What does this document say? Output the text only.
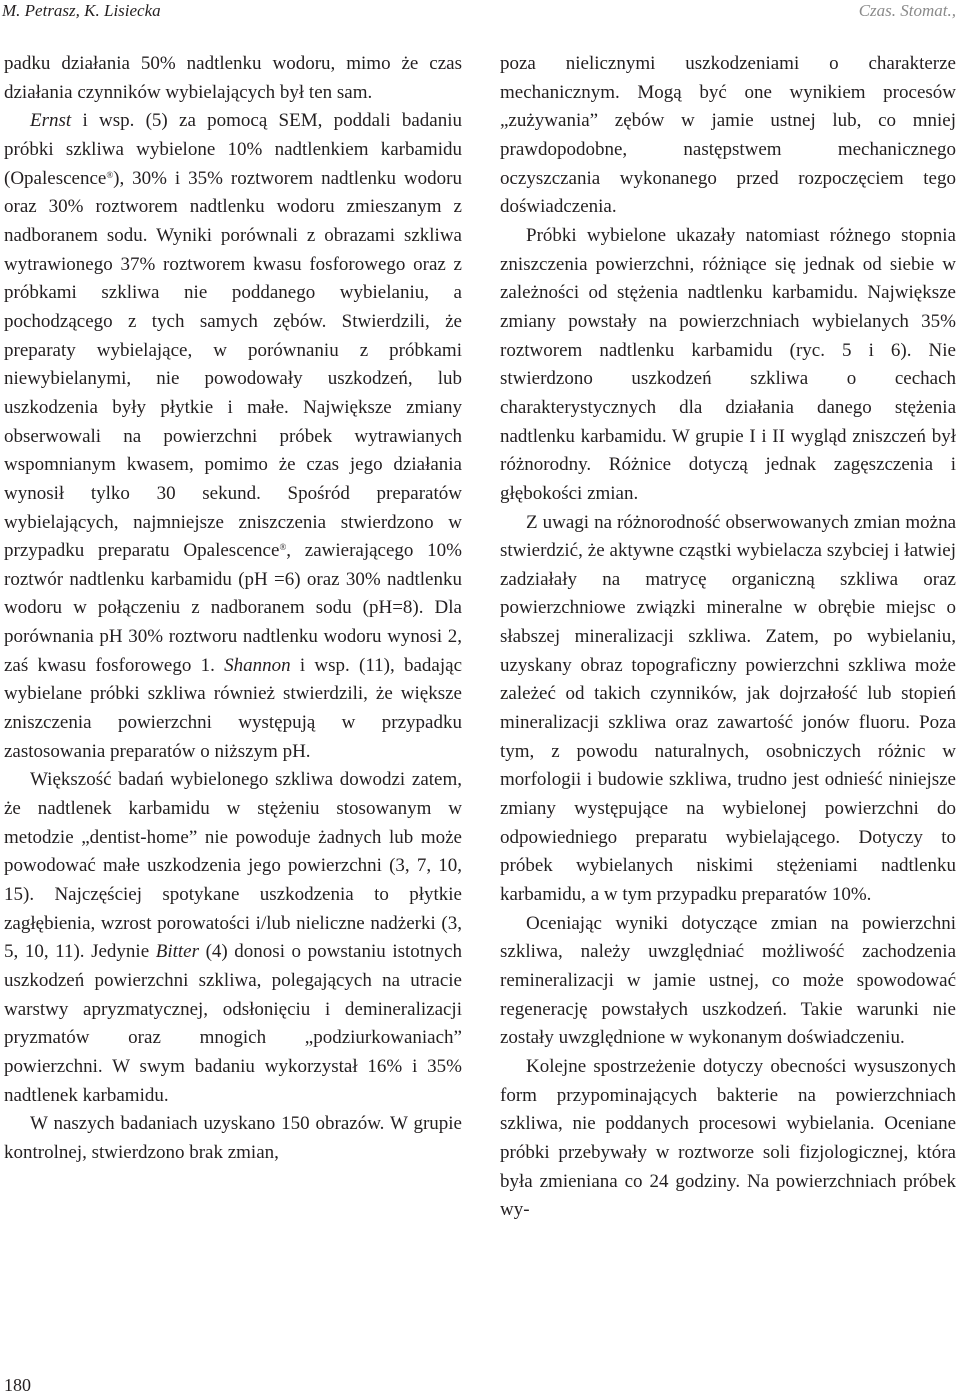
M. Petrasz, K. Lisiecka	Czas. Stomat.,

padku działania 50% nadtlenku wodoru, mimo że czas działania czynników wybielających był ten sam.

Ernst i wsp. (5) za pomocą SEM, poddali badaniu próbki szkliwa wybielone 10% nadtlenkiem karbamidu (Opalescence®), 30% i 35% roztworem nadtlenku wodoru oraz 30% roztworem nadtlenku wodoru zmieszanym z nadboranem sodu. Wyniki porównali z obrazami szkliwa wytrawionego 37% roztworem kwasu fosforowego oraz z próbkami szkliwa nie poddanego wybielaniu, a pochodzącego z tych samych zębów. Stwierdzili, że preparaty wybielające, w porównaniu z próbkami niewybielanymi, nie powodowały uszkodzeń, lub uszkodzenia były płytkie i małe. Największe zmiany obserwowali na powierzchni próbek wytrawianych wspomnianym kwasem, pomimo że czas jego działania wynosił tylko 30 sekund. Spośród preparatów wybielających, najmniejsze zniszczenia stwierdzono w przypadku preparatu Opalescence®, zawierającego 10% roztwór nadtlenku karbamidu (pH =6) oraz 30% nadtlenku wodoru w połączeniu z nadboranem sodu (pH=8). Dla porównania pH 30% roztworu nadtlenku wodoru wynosi 2, zaś kwasu fosforowego 1. Shannon i wsp. (11), badając wybielane próbki szkliwa również stwierdzili, że większe zniszczenia powierzchni występują w przypadku zastosowania preparatów o niższym pH.

Większość badań wybielonego szkliwa dowodzi zatem, że nadtlenek karbamidu w stężeniu stosowanym w metodzie „dentist-home” nie powoduje żadnych lub może powodować małe uszkodzenia jego powierzchni (3, 7, 10, 15). Najczęściej spotykane uszkodzenia to płytkie zagłębienia, wzrost porowatości i/lub nieliczne nadżerki (3, 5, 10, 11). Jedynie Bitter (4) donosi o powstaniu istotnych uszkodzeń powierzchni szkliwa, polegających na utracie warstwy apryzmatycznej, odsłonięciu i demineralizacji pryzmatów oraz mnogich „podziurkowaniach” powierzchni. W swym badaniu wykorzystał 16% i 35% nadtlenek karbamidu.

W naszych badaniach uzyskano 150 obrazów. W grupie kontrolnej, stwierdzono brak zmian,

poza nielicznymi uszkodzeniami o charakterze mechanicznym. Mogą być one wynikiem procesów „zużywania” zębów w jamie ustnej lub, co mniej prawdopodobne, następstwem mechanicznego oczyszczania wykonanego przed rozpoczęciem tego doświadczenia.

Próbki wybielone ukazały natomiast różnego stopnia zniszczenia powierzchni, różniące się jednak od siebie w zależności od stężenia nadtlenku karbamidu. Największe zmiany powstały na powierzchniach wybielanych 35% roztworem nadtlenku karbamidu (ryc. 5 i 6). Nie stwierdzono uszkodzeń szkliwa o cechach charakterystycznych dla działania danego stężenia nadtlenku karbamidu. W grupie I i II wygląd zniszczeń był różnorodny. Różnice dotyczą jednak zagęszczenia i głębokości zmian.

Z uwagi na różnorodność obserwowanych zmian można stwierdzić, że aktywne cząstki wybielacza szybciej i łatwiej zadziałały na matrycę organiczną szkliwa oraz powierzchniowe związki mineralne w obrębie miejsc o słabszej mineralizacji szkliwa. Zatem, po wybielaniu, uzyskany obraz topograficzny powierzchni szkliwa może zależeć od takich czynników, jak dojrzałość lub stopień mineralizacji szkliwa oraz zawartość jonów fluoru. Poza tym, z powodu naturalnych, osobniczych różnic w morfologii i budowie szkliwa, trudno jest odnieść niniejsze zmiany występujące na wybielonej powierzchni do odpowiedniego preparatu wybielającego. Dotyczy to próbek wybielanych niskimi stężeniami nadtlenku karbamidu, a w tym przypadku preparatów 10%.

Oceniając wyniki dotyczące zmian na powierzchni szkliwa, należy uwzględniać możliwość zachodzenia remineralizacji w jamie ustnej, co może spowodować regenerację powstałych uszkodzeń. Takie warunki nie zostały uwzględnione w wykonanym doświadczeniu.

Kolejne spostrzeżenie dotyczy obecności wysuszonych form przypominających bakterie na powierzchniach szkliwa, nie poddanych procesowi wybielania. Oceniane próbki przebywały w roztworze soli fizjologicznej, która była zmieniana co 24 godziny. Na powierzchniach próbek wy-

180
